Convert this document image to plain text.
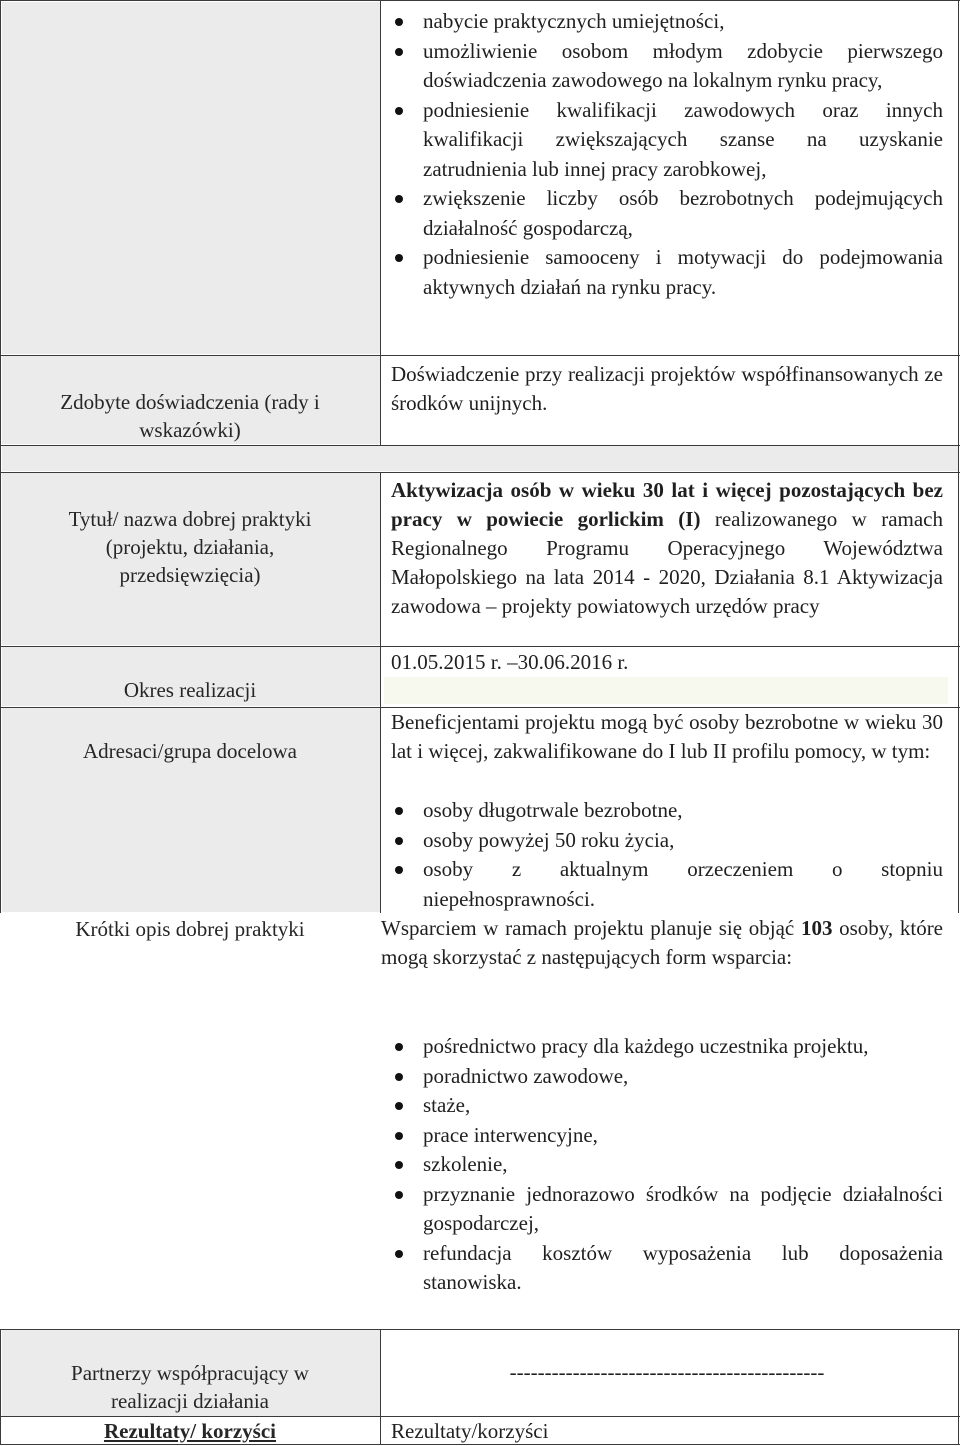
nabycie praktycznych umiejętności,
umożliwienie osobom młodym zdobycie pierwszego doświadczenia zawodowego na lokalnym rynku pracy,
podniesienie kwalifikacji zawodowych oraz innych kwalifikacji zwiększających szanse na uzyskanie zatrudnienia lub innej pracy zarobkowej,
zwiększenie liczby osób bezrobotnych podejmujących działalność gospodarczą,
podniesienie samooceny i motywacji do podejmowania aktywnych działań na rynku pracy.
Zdobyte doświadczenia (rady i wskazówki)
Doświadczenie przy realizacji projektów współfinansowanych ze środków unijnych.
Tytuł/ nazwa dobrej praktyki (projektu, działania, przedsięwzięcia)
Aktywizacja osób w wieku 30 lat i więcej pozostających bez pracy w powiecie gorlickim (I) realizowanego w ramach Regionalnego Programu Operacyjnego Województwa Małopolskiego na lata 2014 - 2020, Działania 8.1 Aktywizacja zawodowa – projekty powiatowych urzędów pracy
Okres realizacji
01.05.2015 r. –30.06.2016 r.
Adresaci/grupa docelowa
Beneficjentami projektu mogą być osoby bezrobotne w wieku 30 lat i więcej, zakwalifikowane do I lub II profilu pomocy, w tym:
osoby długotrwale bezrobotne,
osoby powyżej 50 roku życia,
osoby z aktualnym orzeczeniem o stopniu niepełnosprawności.
Krótki opis dobrej praktyki	Wsparciem w ramach projektu planuje się objąć 103 osoby, które mogą skorzystać z następujących form wsparcia:
pośrednictwo pracy dla każdego uczestnika projektu,
poradnictwo zawodowe,
staże,
prace interwencyjne,
szkolenie,
przyznanie jednorazowo środków na podjęcie działalności gospodarczej,
refundacja kosztów wyposażenia lub doposażenia stanowiska.
Partnerzy współpracujący w realizacji działania
---------------------------------------------
Rezultaty/ korzyści	Rezultaty/korzyści
